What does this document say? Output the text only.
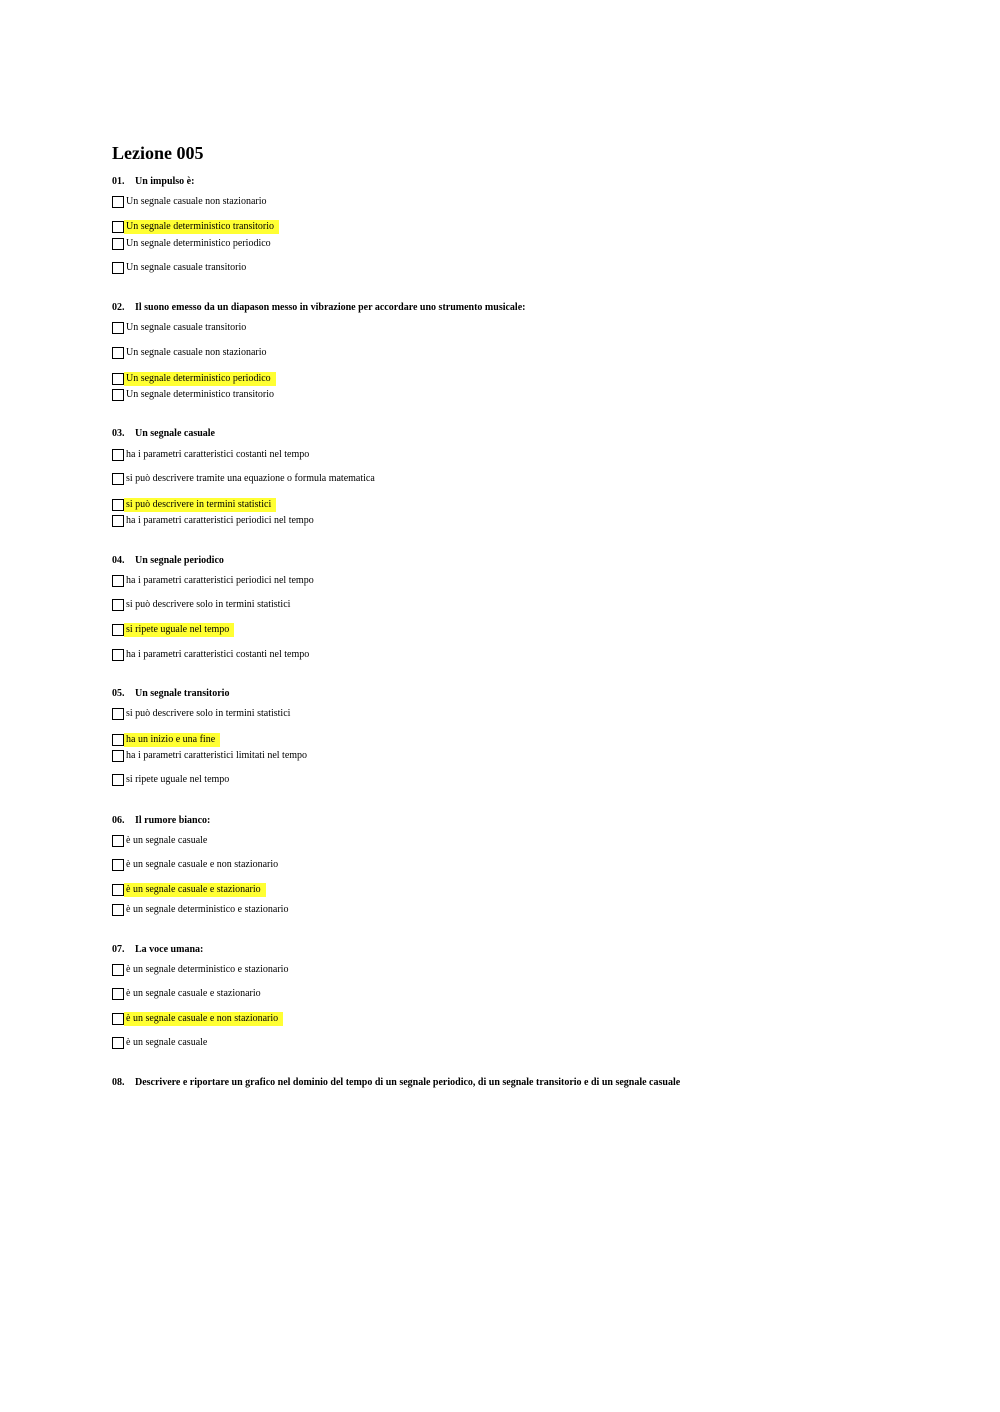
Lezione 005
01. Un impulso è:
Un segnale casuale non stazionario
Un segnale deterministico transitorio
Un segnale deterministico periodico
Un segnale casuale transitorio
02. Il suono emesso da un diapason messo in vibrazione per accordare uno strumento musicale:
Un segnale casuale transitorio
Un segnale casuale non stazionario
Un segnale deterministico periodico
Un segnale deterministico transitorio
03. Un segnale casuale
ha i parametri caratteristici costanti nel tempo
si può descrivere tramite una equazione o formula matematica
si può descrivere in termini statistici
ha i parametri caratteristici periodici nel tempo
04. Un segnale periodico
ha i parametri caratteristici periodici nel tempo
si può descrivere solo in termini statistici
si ripete uguale nel tempo
ha i parametri caratteristici costanti nel tempo
05. Un segnale transitorio
si può descrivere solo in termini statistici
ha un inizio e una fine
ha i parametri caratteristici limitati nel tempo
si ripete uguale nel tempo
06. Il rumore bianco:
è un segnale casuale
è un segnale casuale e non stazionario
è un segnale casuale e stazionario
è un segnale deterministico e stazionario
07. La voce umana:
è un segnale deterministico e stazionario
è un segnale casuale e stazionario
è un segnale casuale e non stazionario
è un segnale casuale
08. Descrivere e riportare un grafico nel dominio del tempo di un segnale periodico, di un segnale transitorio e di un segnale casuale
